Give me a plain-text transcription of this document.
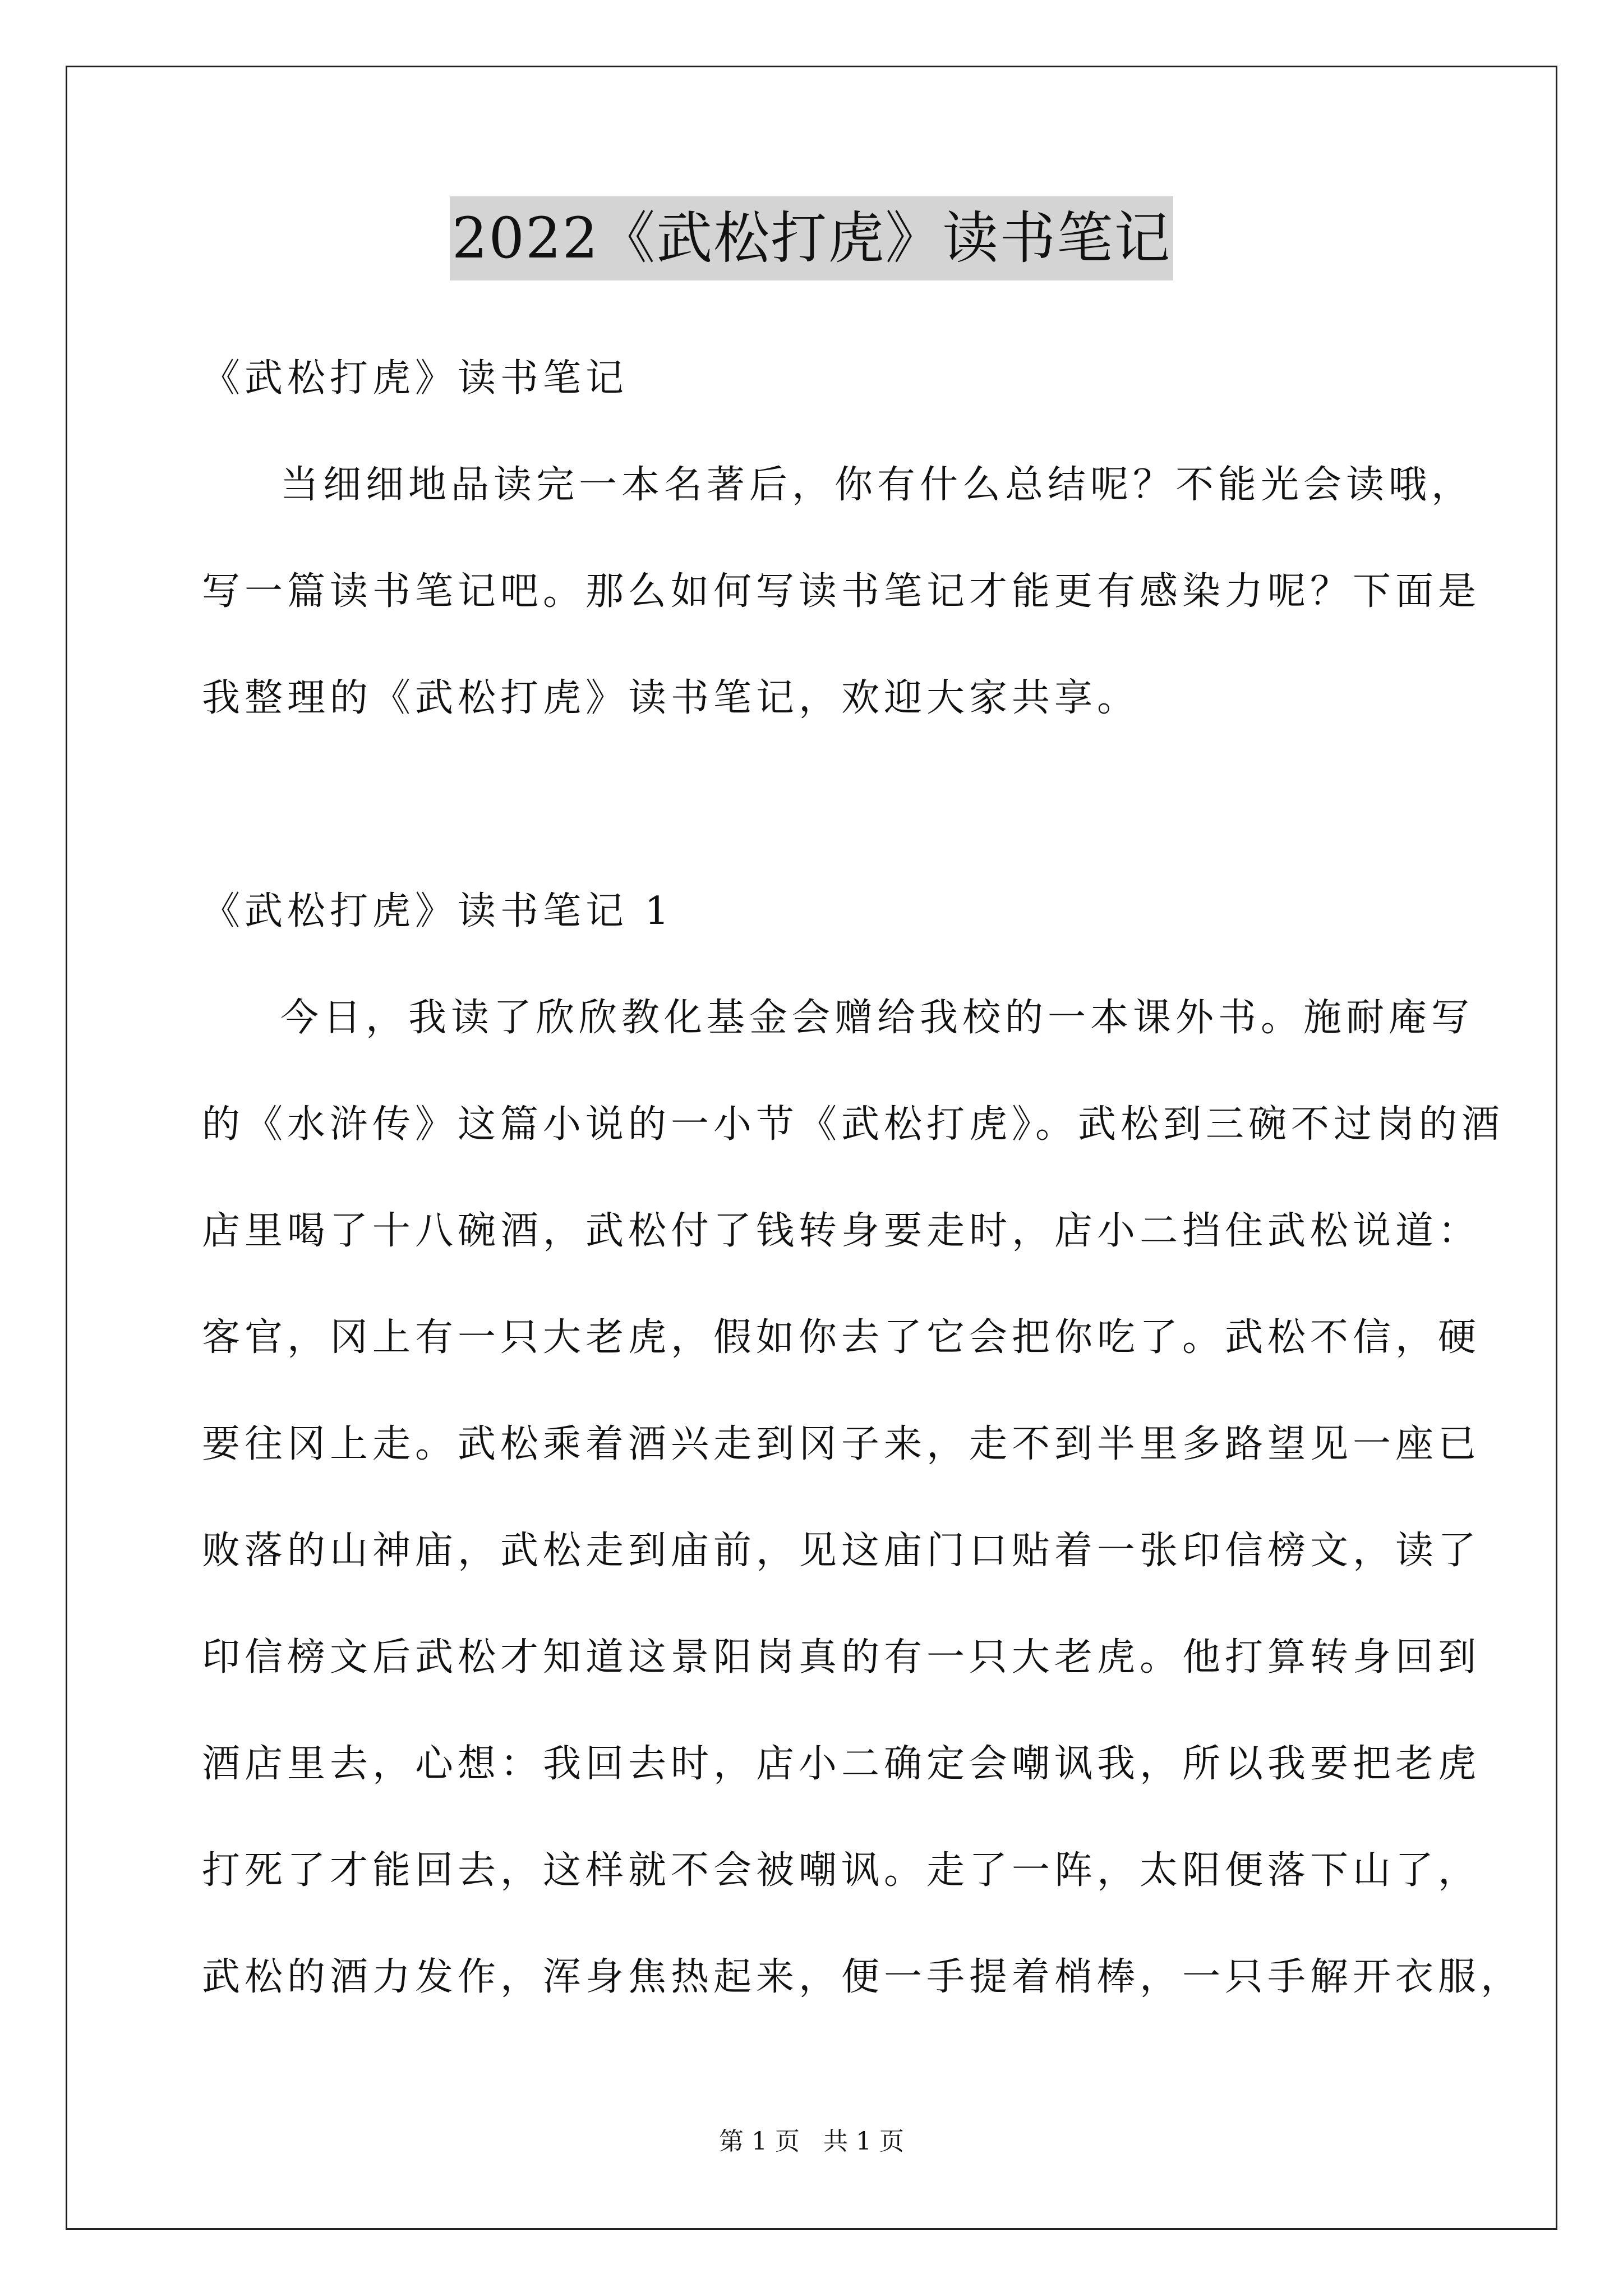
2022《武松打虎》读书笔记
《武松打虎》读书笔记
当细细地品读完一本名著后，你有什么总结呢？不能光会读哦，
写一篇读书笔记吧。那么如何写读书笔记才能更有感染力呢？下面是
我整理的《武松打虎》读书笔记，欢迎大家共享。
《武松打虎》读书笔记 1
今日，我读了欣欣教化基金会赠给我校的一本课外书。施耐庵写
的《水浒传》这篇小说的一小节《武松打虎》。武松到三碗不过岗的酒
店里喝了十八碗酒，武松付了钱转身要走时，店小二挡住武松说道：
客官，冈上有一只大老虎，假如你去了它会把你吃了。武松不信，硬
要往冈上走。武松乘着酒兴走到冈子来，走不到半里多路望见一座已
败落的山神庙，武松走到庙前，见这庙门口贴着一张印信榜文，读了
印信榜文后武松才知道这景阳岗真的有一只大老虎。他打算转身回到
酒店里去，心想：我回去时，店小二确定会嘲讽我，所以我要把老虎
打死了才能回去，这样就不会被嘲讽。走了一阵，太阳便落下山了，
武松的酒力发作，浑身焦热起来，便一手提着梢棒，一只手解开衣服，
第 1 页 共 1 页
